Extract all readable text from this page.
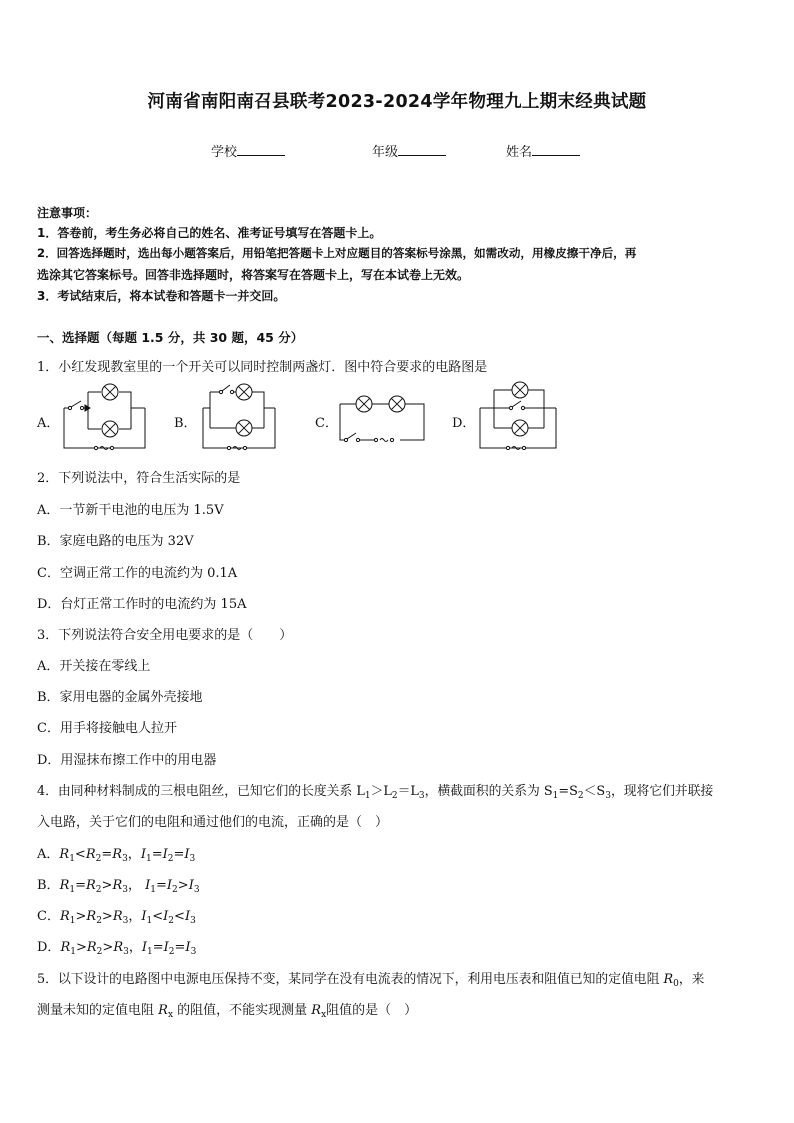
河南省南阳南召县联考2023-2024学年物理九上期末经典试题
学校	年级	姓名
注意事项：
1．答卷前，考生务必将自己的姓名、准考证号填写在答题卡上。
2．回答选择题时，选出每小题答案后，用铅笔把答题卡上对应题目的答案标号涂黑，如需改动，用橡皮擦干净后，再
选涂其它答案标号。回答非选择题时，将答案写在答题卡上，写在本试卷上无效。
3．考试结束后，将本试卷和答题卡一并交回。
一、选择题（每题 1.5 分，共 30 题，45 分）
1．小红发现教室里的一个开关可以同时控制两盏灯．图中符合要求的电路图是
A．	B．	C．	D．
2．下列说法中，符合生活实际的是
A．一节新干电池的电压为 1.5V
B．家庭电路的电压为 32V
C．空调正常工作的电流约为 0.1A
D．台灯正常工作时的电流约为 15A
3．下列说法符合安全用电要求的是（　　）
A．开关接在零线上
B．家用电器的金属外壳接地
C．用手将接触电人拉开
D．用湿抹布擦工作中的用电器
4．由同种材料制成的三根电阻丝，已知它们的长度关系 $L_1>L_2=L_3$，横截面积的关系为 $S_1=S_2<S_3$，现将它们并联接
入电路，关于它们的电阻和通过他们的电流，正确的是（　）
A．$R_1<R_2=R_3$，$I_1=I_2=I_3$
B．$R_1=R_2>R_3$， $I_1=I_2>I_3$
C．$R_1>R_2>R_3$，$I_1<I_2<I_3$
D．$R_1>R_2>R_3$，$I_1=I_2=I_3$
5．以下设计的电路图中电源电压保持不变，某同学在没有电流表的情况下，利用电压表和阻值已知的定值电阻 $R_0$，来
测量未知的定值电阻 $R_x$ 的阻值，不能实现测量 $R_x$阻值的是（　）
